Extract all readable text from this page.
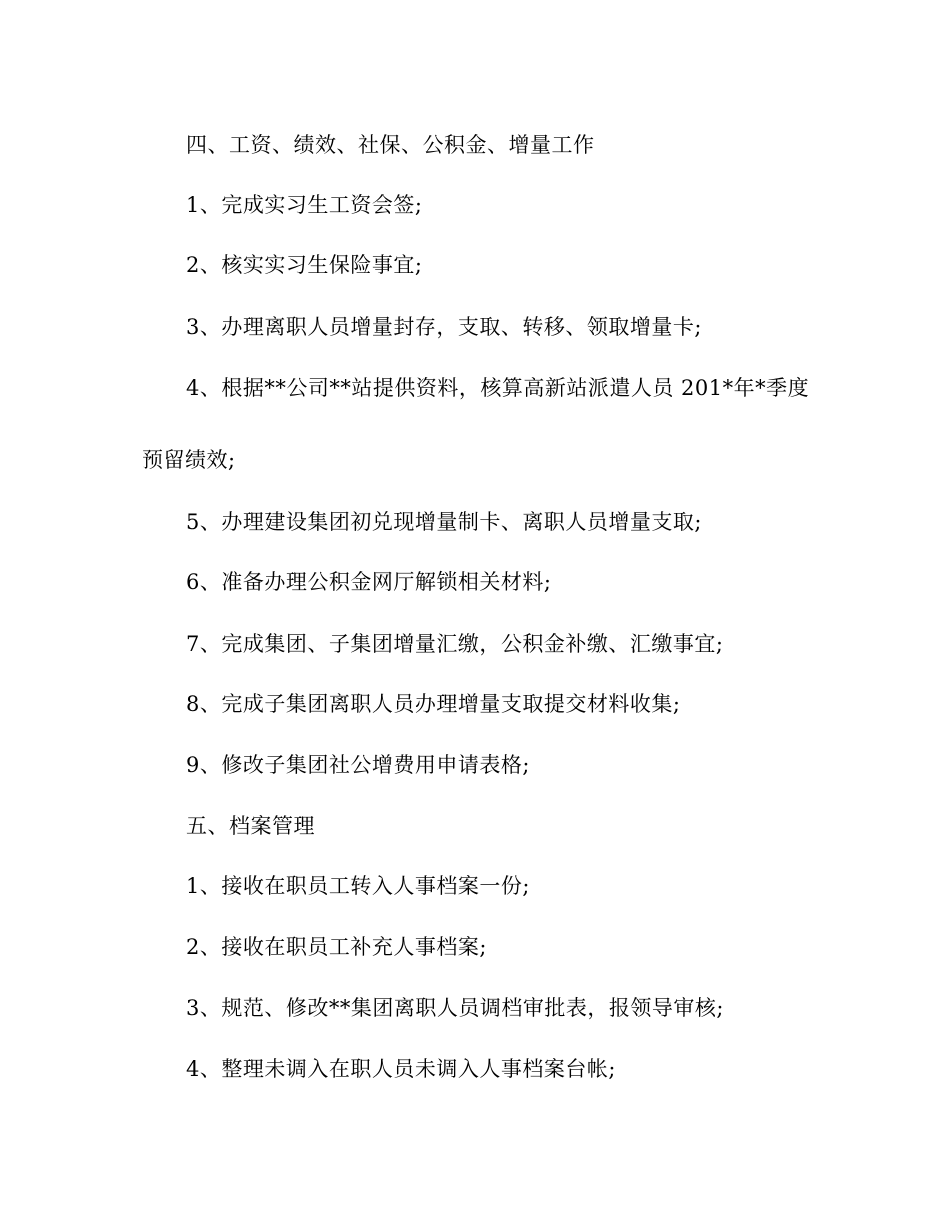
四、工资、绩效、社保、公积金、增量工作

1、完成实习生工资会签;

2、核实实习生保险事宜;

3、办理离职人员增量封存，支取、转移、领取增量卡;

4、根据**公司**站提供资料，核算高新站派遣人员 201*年*季度

预留绩效;

5、办理建设集团初兑现增量制卡、离职人员增量支取;

6、准备办理公积金网厅解锁相关材料;

7、完成集团、子集团增量汇缴，公积金补缴、汇缴事宜;

8、完成子集团离职人员办理增量支取提交材料收集;

9、修改子集团社公增费用申请表格;

五、档案管理

1、接收在职员工转入人事档案一份;

2、接收在职员工补充人事档案;

3、规范、修改**集团离职人员调档审批表，报领导审核;

4、整理未调入在职人员未调入人事档案台帐;
